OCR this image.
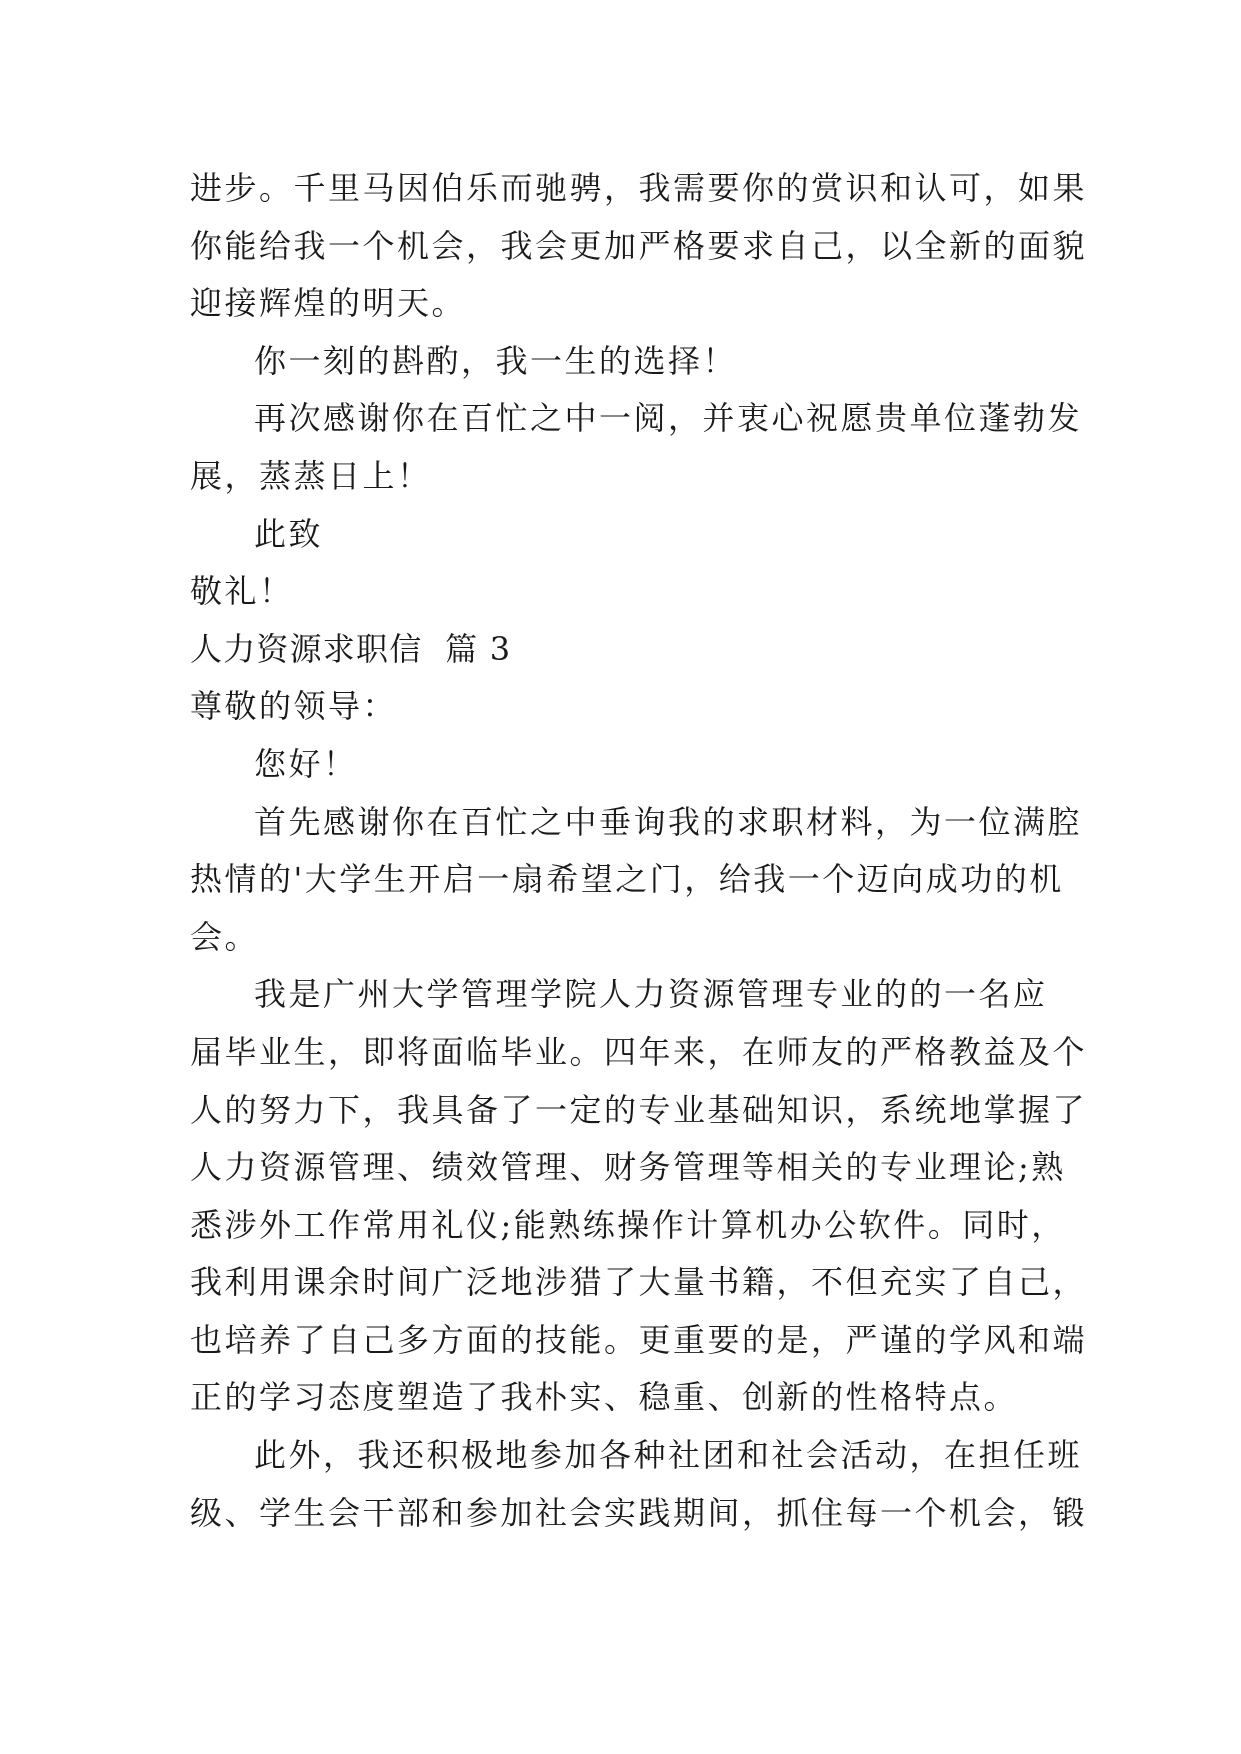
进步。千里马因伯乐而驰骋，我需要你的赏识和认可，如果
你能给我一个机会，我会更加严格要求自己，以全新的面貌
迎接辉煌的明天。
你一刻的斟酌，我一生的选择！
再次感谢你在百忙之中一阅，并衷心祝愿贵单位蓬勃发
展，蒸蒸日上！
此致
敬礼！
人力资源求职信  篇 3
尊敬的领导：
您好！
首先感谢你在百忙之中垂询我的求职材料，为一位满腔
热情的'大学生开启一扇希望之门，给我一个迈向成功的机
会。
我是广州大学管理学院人力资源管理专业的的一名应
届毕业生，即将面临毕业。四年来，在师友的严格教益及个
人的努力下，我具备了一定的专业基础知识，系统地掌握了
人力资源管理、绩效管理、财务管理等相关的专业理论;熟
悉涉外工作常用礼仪;能熟练操作计算机办公软件。同时，
我利用课余时间广泛地涉猎了大量书籍，不但充实了自己，
也培养了自己多方面的技能。更重要的是，严谨的学风和端
正的学习态度塑造了我朴实、稳重、创新的性格特点。
此外，我还积极地参加各种社团和社会活动，在担任班
级、学生会干部和参加社会实践期间，抓住每一个机会，锻
